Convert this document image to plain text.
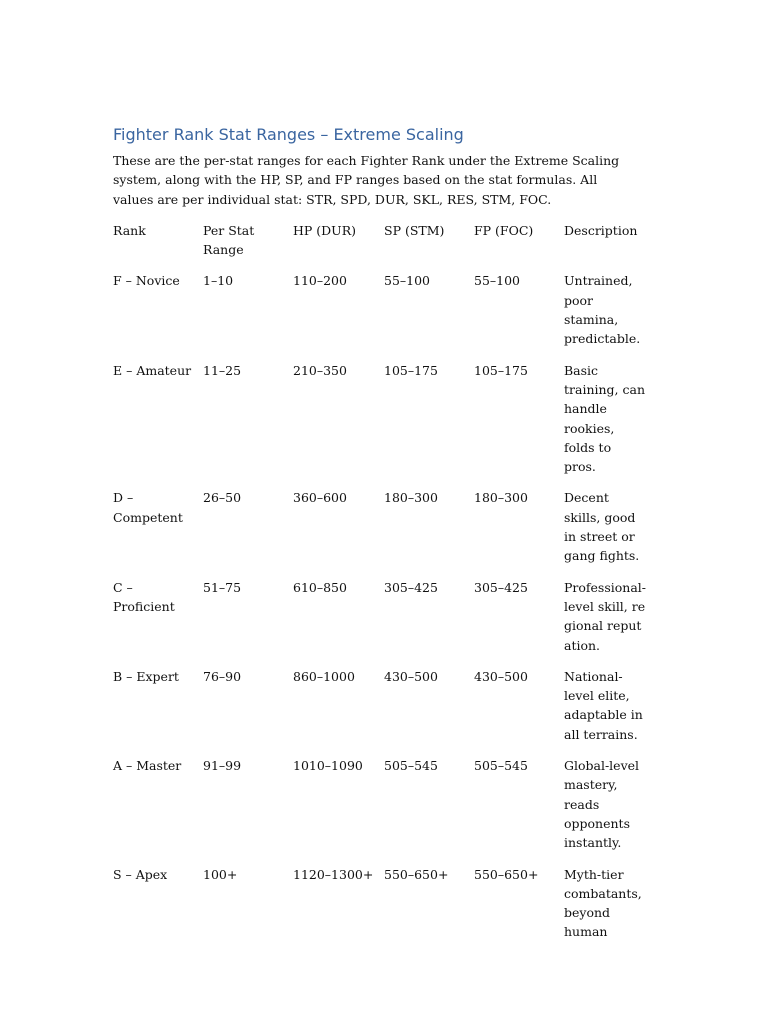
Fighter Rank Stat Ranges – Extreme Scaling

These are the per-stat ranges for each Fighter Rank under the Extreme Scaling system, along with the HP, SP, and FP ranges based on the stat formulas. All values are per individual stat: STR, SPD, DUR, SKL, RES, STM, FOC.

Rank	Per Stat Range	HP (DUR)	SP (STM)	FP (FOC)	Description
F – Novice	1–10	110–200	55–100	55–100	Untrained, poor stamina, predictable.
E – Amateur	11–25	210–350	105–175	105–175	Basic training, can handle rookies, folds to pros.
D – Competent	26–50	360–600	180–300	180–300	Decent skills, good in street or gang fights.
C – Proficient	51–75	610–850	305–425	305–425	Professional-level skill, regional reputation.
B – Expert	76–90	860–1000	430–500	430–500	National-level elite, adaptable in all terrains.
A – Master	91–99	1010–1090	505–545	505–545	Global-level mastery, reads opponents instantly.
S – Apex	100+	1120–1300+	550–650+	550–650+	Myth-tier combatants, beyond human
